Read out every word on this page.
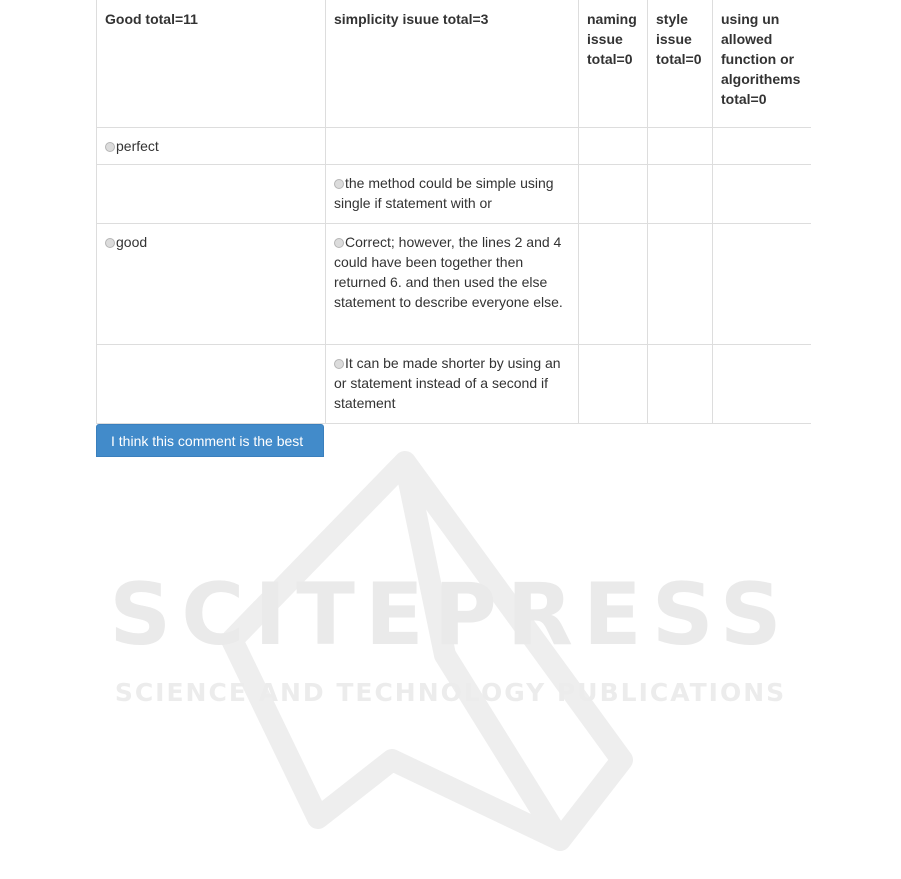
SCITEPRESS
SCIENCE AND TECHNOLOGY PUBLICATIONS
Good total=11	simplicity isuue total=3	naming issue total=0	style issue total=0	using un allowed function or algorithems total=0
perfect				
	the method could be simple using single if statement with or			
good	Correct; however, the lines 2 and 4 could have been together then returned 6. and then used the else statement to describe everyone else.			
	It can be made shorter by using an or statement instead of a second if statement			
I think this comment is the best
